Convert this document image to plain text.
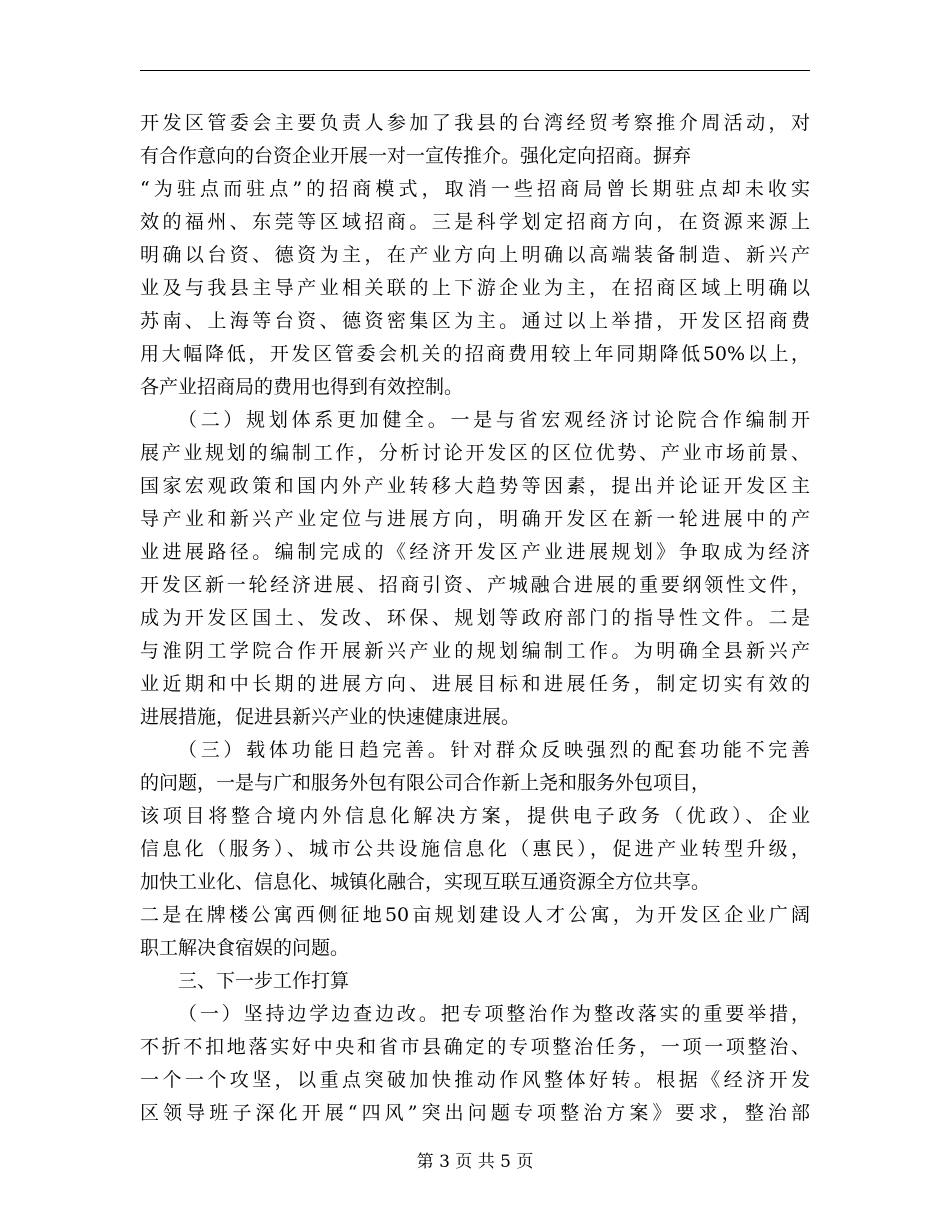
开发区管委会主要负责人参加了我县的台湾经贸考察推介周活动，对
有合作意向的台资企业开展一对一宣传推介。强化定向招商。摒弃
“为驻点而驻点”的招商模式，取消一些招商局曾长期驻点却未收实
效的福州、东莞等区域招商。三是科学划定招商方向，在资源来源上
明确以台资、德资为主，在产业方向上明确以高端装备制造、新兴产
业及与我县主导产业相关联的上下游企业为主，在招商区域上明确以
苏南、上海等台资、德资密集区为主。通过以上举措，开发区招商费
用大幅降低，开发区管委会机关的招商费用较上年同期降低50%以上，
各产业招商局的费用也得到有效控制。
（二）规划体系更加健全。一是与省宏观经济讨论院合作编制开
展产业规划的编制工作，分析讨论开发区的区位优势、产业市场前景、
国家宏观政策和国内外产业转移大趋势等因素，提出并论证开发区主
导产业和新兴产业定位与进展方向，明确开发区在新一轮进展中的产
业进展路径。编制完成的《经济开发区产业进展规划》争取成为经济
开发区新一轮经济进展、招商引资、产城融合进展的重要纲领性文件，
成为开发区国土、发改、环保、规划等政府部门的指导性文件。二是
与淮阴工学院合作开展新兴产业的规划编制工作。为明确全县新兴产
业近期和中长期的进展方向、进展目标和进展任务，制定切实有效的
进展措施，促进县新兴产业的快速健康进展。
（三）载体功能日趋完善。针对群众反映强烈的配套功能不完善
的问题，一是与广和服务外包有限公司合作新上尧和服务外包项目，
该项目将整合境内外信息化解决方案，提供电子政务（优政）、企业
信息化（服务）、城市公共设施信息化（惠民），促进产业转型升级，
加快工业化、信息化、城镇化融合，实现互联互通资源全方位共享。
二是在牌楼公寓西侧征地50亩规划建设人才公寓，为开发区企业广阔
职工解决食宿娱的问题。
三、下一步工作打算
（一）坚持边学边查边改。把专项整治作为整改落实的重要举措，
不折不扣地落实好中央和省市县确定的专项整治任务，一项一项整治、
一个一个攻坚，以重点突破加快推动作风整体好转。根据《经济开发
区领导班子深化开展“四风”突出问题专项整治方案》要求，整治部
第 3 页 共 5 页
